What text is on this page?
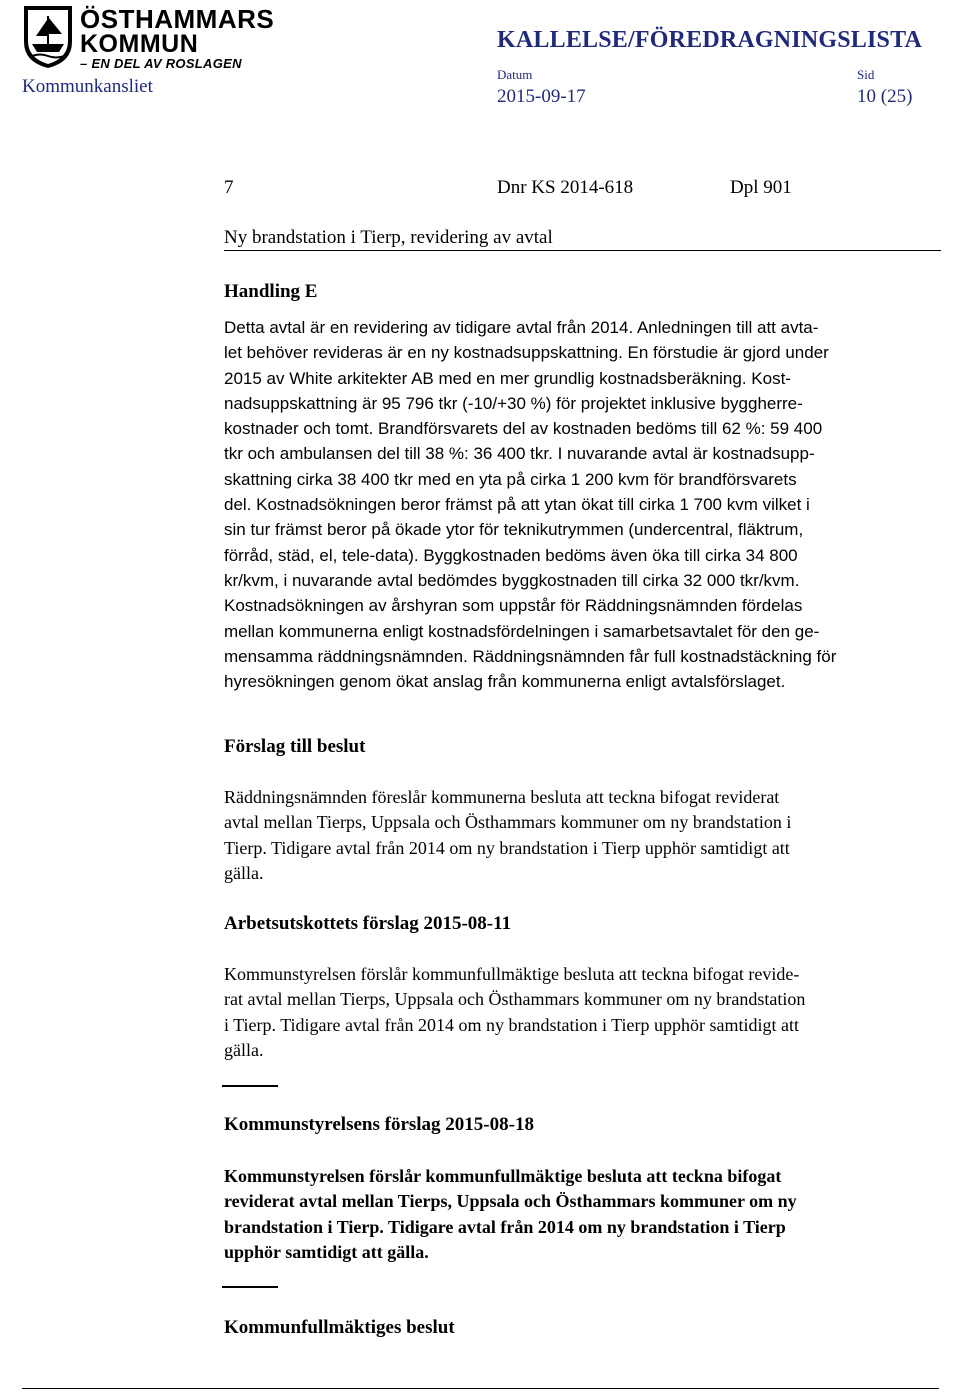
ÖSTHAMMARS
KOMMUN
– EN DEL AV ROSLAGEN
KALLELSE/FÖREDRAGNINGSLISTA
Kommunkansliet
Datum	Sid
2015-09-17	10 (25)
7	Dnr KS 2014-618	Dpl 901
Ny brandstation i Tierp, revidering av avtal
Handling E
Detta avtal är en revidering av tidigare avtal från 2014. Anledningen till att avta-
let behöver revideras är en ny kostnadsuppskattning. En förstudie är gjord under
2015 av White arkitekter AB med en mer grundlig kostnadsberäkning. Kost-
nadsuppskattning är 95 796 tkr (-10/+30 %) för projektet inklusive byggherre-
kostnader och tomt. Brandförsvarets del av kostnaden bedöms till 62 %: 59 400
tkr och ambulansen del till 38 %: 36 400 tkr. I nuvarande avtal är kostnadsupp-
skattning cirka 38 400 tkr med en yta på cirka 1 200 kvm för brandförsvarets
del. Kostnadsökningen beror främst på att ytan ökat till cirka 1 700 kvm vilket i
sin tur främst beror på ökade ytor för teknikutrymmen (undercentral, fläktrum,
förråd, städ, el, tele-data). Byggkostnaden bedöms även öka till cirka 34 800
kr/kvm, i nuvarande avtal bedömdes byggkostnaden till cirka 32 000 tkr/kvm.
Kostnadsökningen av årshyran som uppstår för Räddningsnämnden fördelas
mellan kommunerna enligt kostnadsfördelningen i samarbetsavtalet för den ge-
mensamma räddningsnämnden. Räddningsnämnden får full kostnadstäckning för
hyresökningen genom ökat anslag från kommunerna enligt avtalsförslaget.
Förslag till beslut
Räddningsnämnden föreslår kommunerna besluta att teckna bifogat reviderat
avtal mellan Tierps, Uppsala och Östhammars kommuner om ny brandstation i
Tierp. Tidigare avtal från 2014 om ny brandstation i Tierp upphör samtidigt att
gälla.
Arbetsutskottets förslag 2015-08-11
Kommunstyrelsen förslår kommunfullmäktige besluta att teckna bifogat revide-
rat avtal mellan Tierps, Uppsala och Östhammars kommuner om ny brandstation
i Tierp. Tidigare avtal från 2014 om ny brandstation i Tierp upphör samtidigt att
gälla.
Kommunstyrelsens förslag 2015-08-18
Kommunstyrelsen förslår kommunfullmäktige besluta att teckna bifogat
reviderat avtal mellan Tierps, Uppsala och Östhammars kommuner om ny
brandstation i Tierp. Tidigare avtal från 2014 om ny brandstation i Tierp
upphör samtidigt att gälla.
Kommunfullmäktiges beslut
